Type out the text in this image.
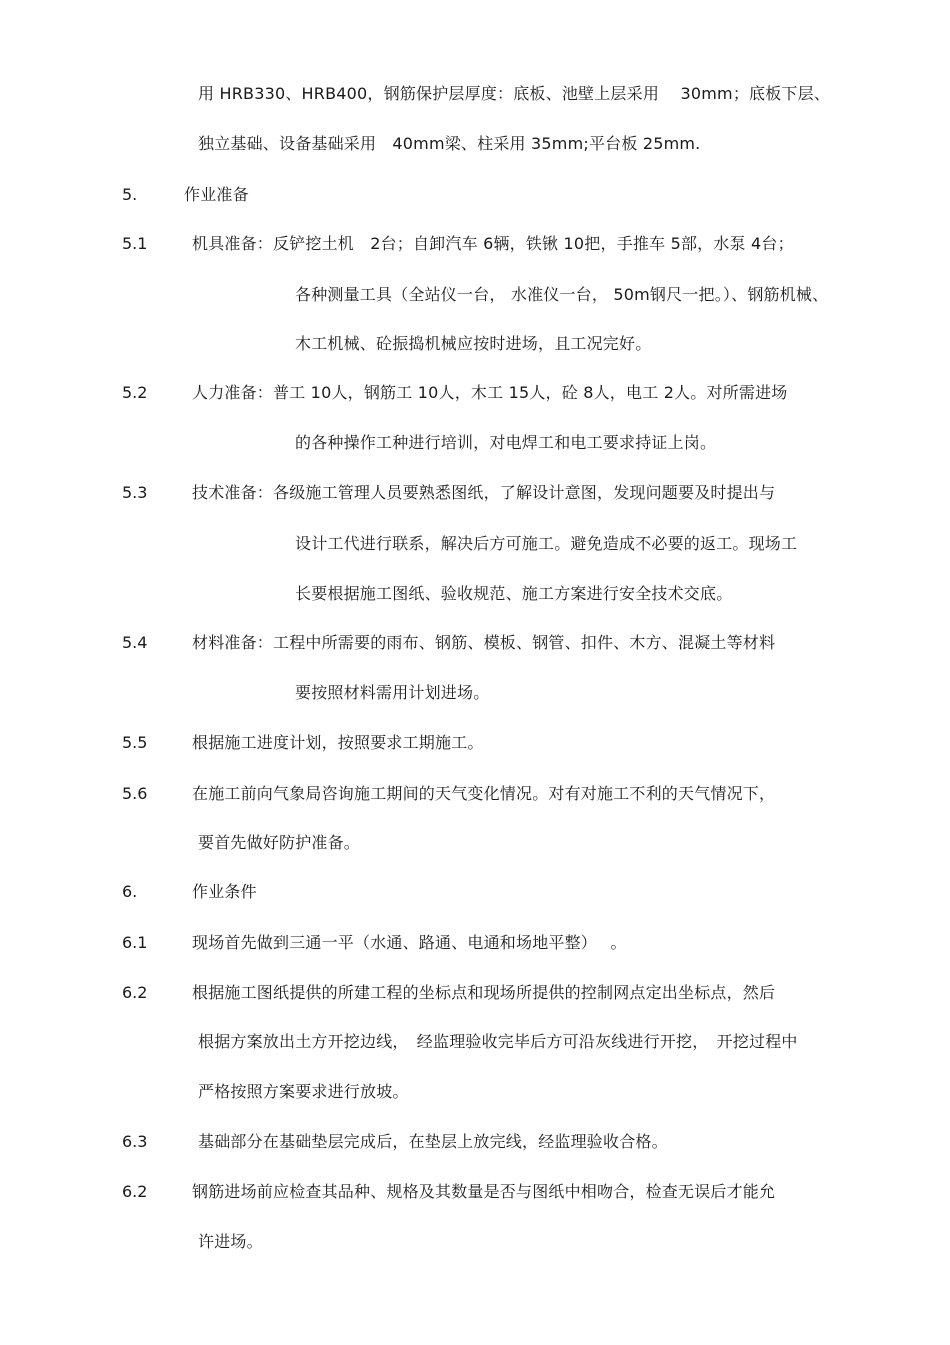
用 HRB330、HRB400，钢筋保护层厚度：底板、池壁上层采用　 30mm；底板下层、
独立基础、设备基础采用　40mm梁、柱采用 35mm;平台板 25mm.
5.	作业准备
5.1	机具准备：反铲挖土机　2台；自卸汽车 6辆，铁锹 10把，手推车 5部，水泵 4台；
各种测量工具（全站仪一台， 水准仪一台， 50m钢尺一把。）、钢筋机械、
木工机械、砼振捣机械应按时进场，且工况完好。
5.2	人力准备：普工 10人，钢筋工 10人，木工 15人，砼 8人，电工 2人。对所需进场
的各种操作工种进行培训，对电焊工和电工要求持证上岗。
5.3	技术准备：各级施工管理人员要熟悉图纸，了解设计意图，发现问题要及时提出与
设计工代进行联系，解决后方可施工。避免造成不必要的返工。现场工
长要根据施工图纸、验收规范、施工方案进行安全技术交底。
5.4	材料准备：工程中所需要的雨布、钢筋、模板、钢管、扣件、木方、混凝土等材料
要按照材料需用计划进场。
5.5	根据施工进度计划，按照要求工期施工。
5.6	在施工前向气象局咨询施工期间的天气变化情况。对有对施工不利的天气情况下，
要首先做好防护准备。
6.	作业条件
6.1	现场首先做到三通一平（水通、路通、电通和场地平整）　 。
6.2	根据施工图纸提供的所建工程的坐标点和现场所提供的控制网点定出坐标点，然后
根据方案放出土方开挖边线，　经监理验收完毕后方可沿灰线进行开挖，　开挖过程中
严格按照方案要求进行放坡。
6.3	基础部分在基础垫层完成后，在垫层上放完线，经监理验收合格。
6.2	钢筋进场前应检查其品种、规格及其数量是否与图纸中相吻合，检查无误后才能允
许进场。
